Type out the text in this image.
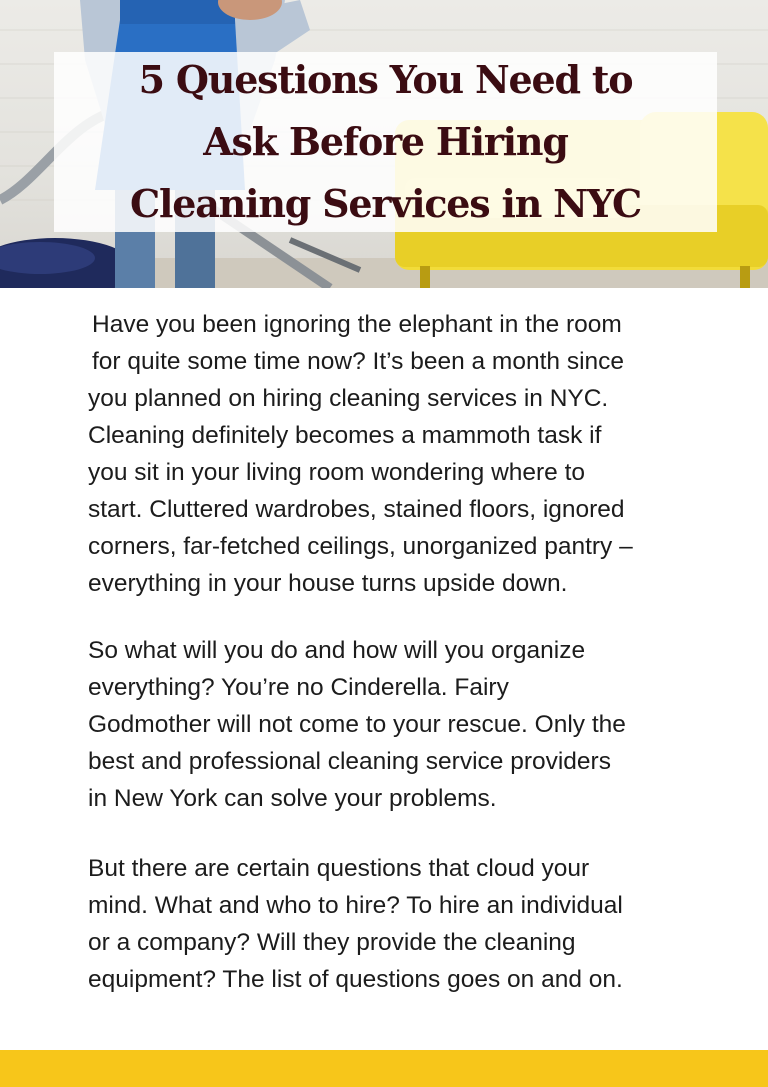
5 Questions You Need to
Ask Before Hiring
Cleaning Services in NYC
Have you been ignoring the elephant in the room
for quite some time now? It’s been a month since
you planned on hiring cleaning services in NYC.
Cleaning definitely becomes a mammoth task if
you sit in your living room wondering where to
start. Cluttered wardrobes, stained floors, ignored
corners, far-fetched ceilings, unorganized pantry –
everything in your house turns upside down.
So what will you do and how will you organize
everything? You’re no Cinderella. Fairy
Godmother will not come to your rescue. Only the
best and professional cleaning service providers
in New York can solve your problems.
But there are certain questions that cloud your
mind. What and who to hire? To hire an individual
or a company? Will they provide the cleaning
equipment? The list of questions goes on and on.
